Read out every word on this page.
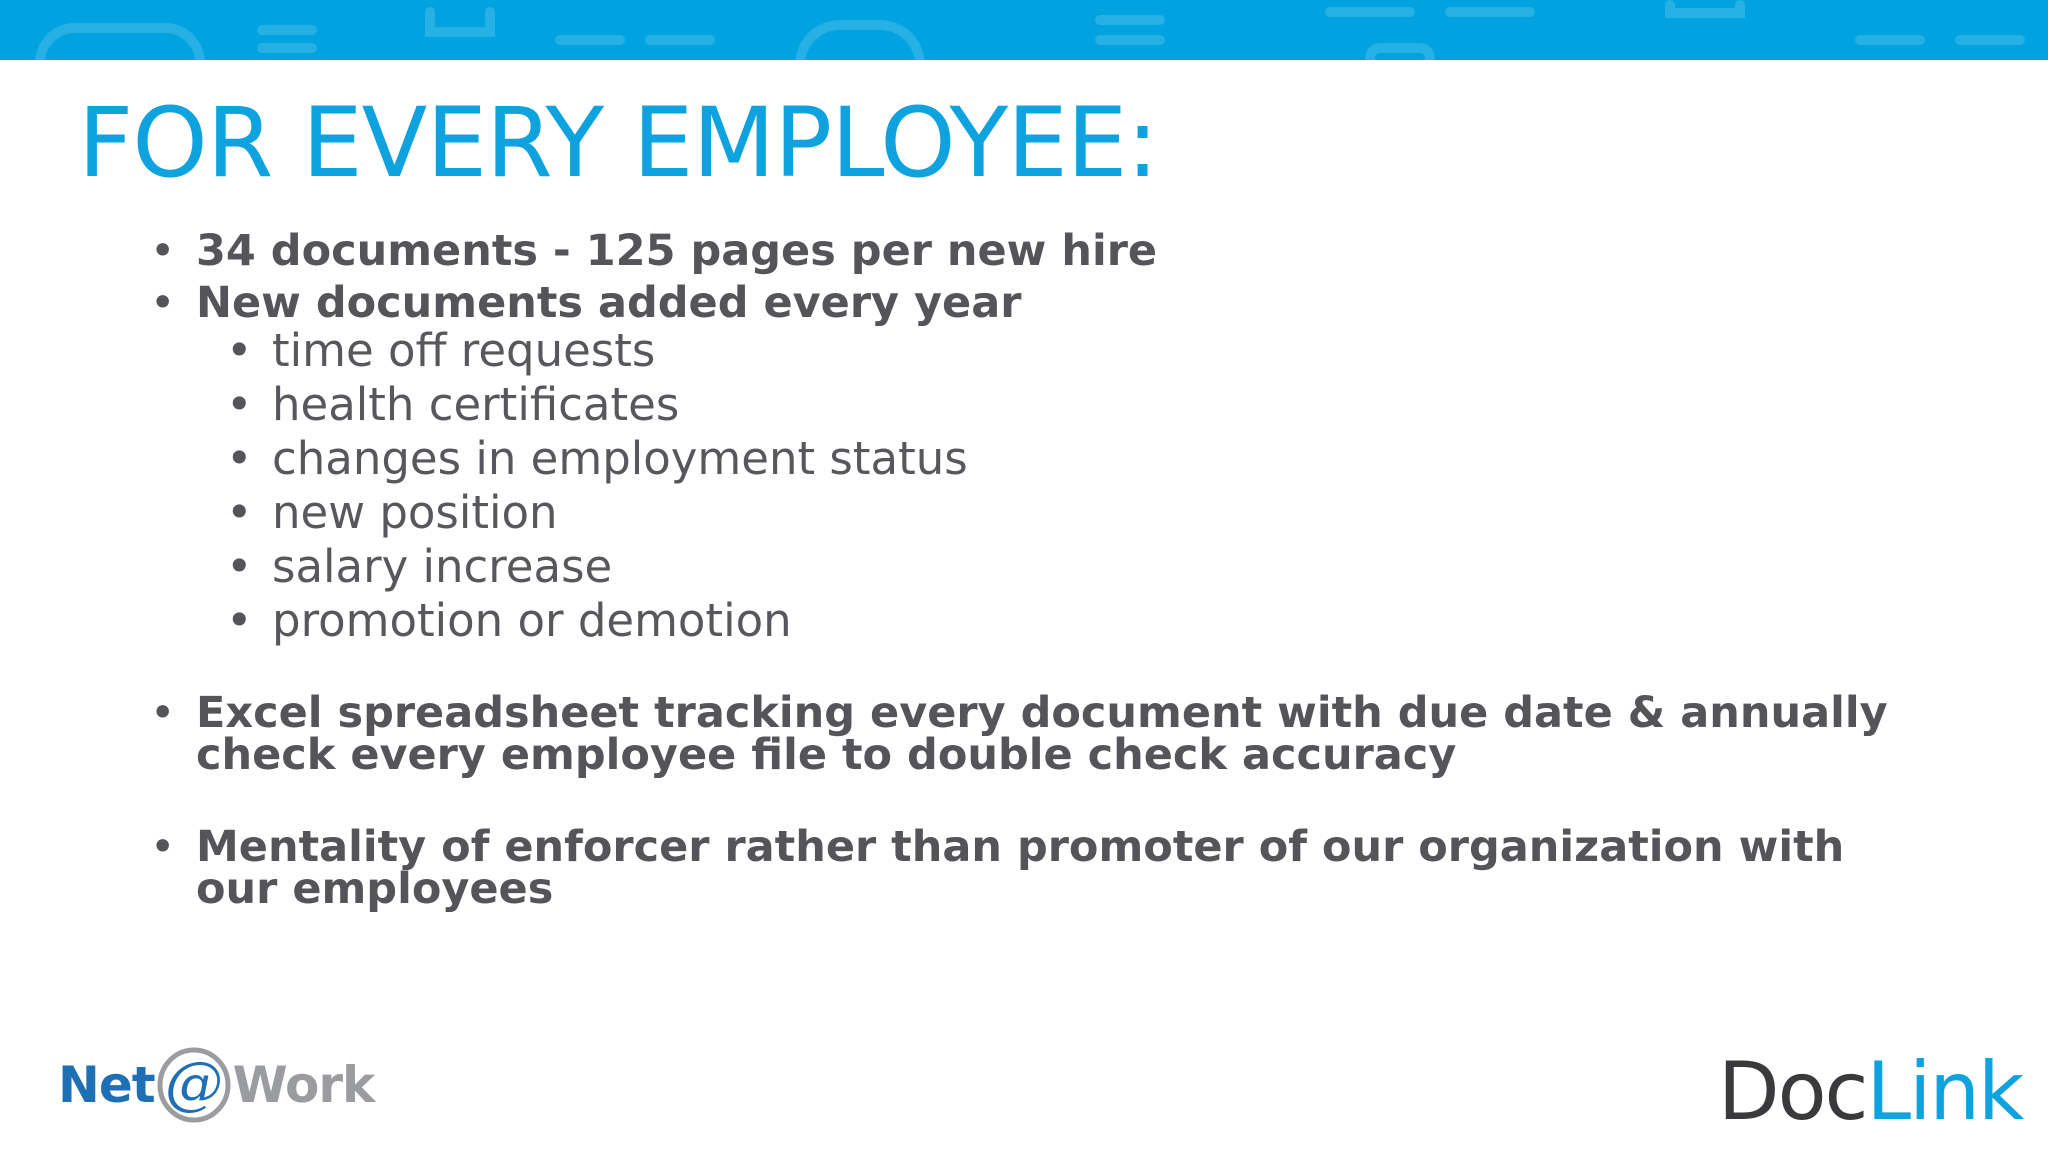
FOR EVERY EMPLOYEE:
• 34 documents - 125 pages per new hire
• New documents added every year
• time off requests
• health certificates
• changes in employment status
• new position
• salary increase
• promotion or demotion
• Excel spreadsheet tracking every document with due date & annually check every employee file to double check accuracy
• Mentality of enforcer rather than promoter of our organization with our employees
Net @ Work	Doc Link
